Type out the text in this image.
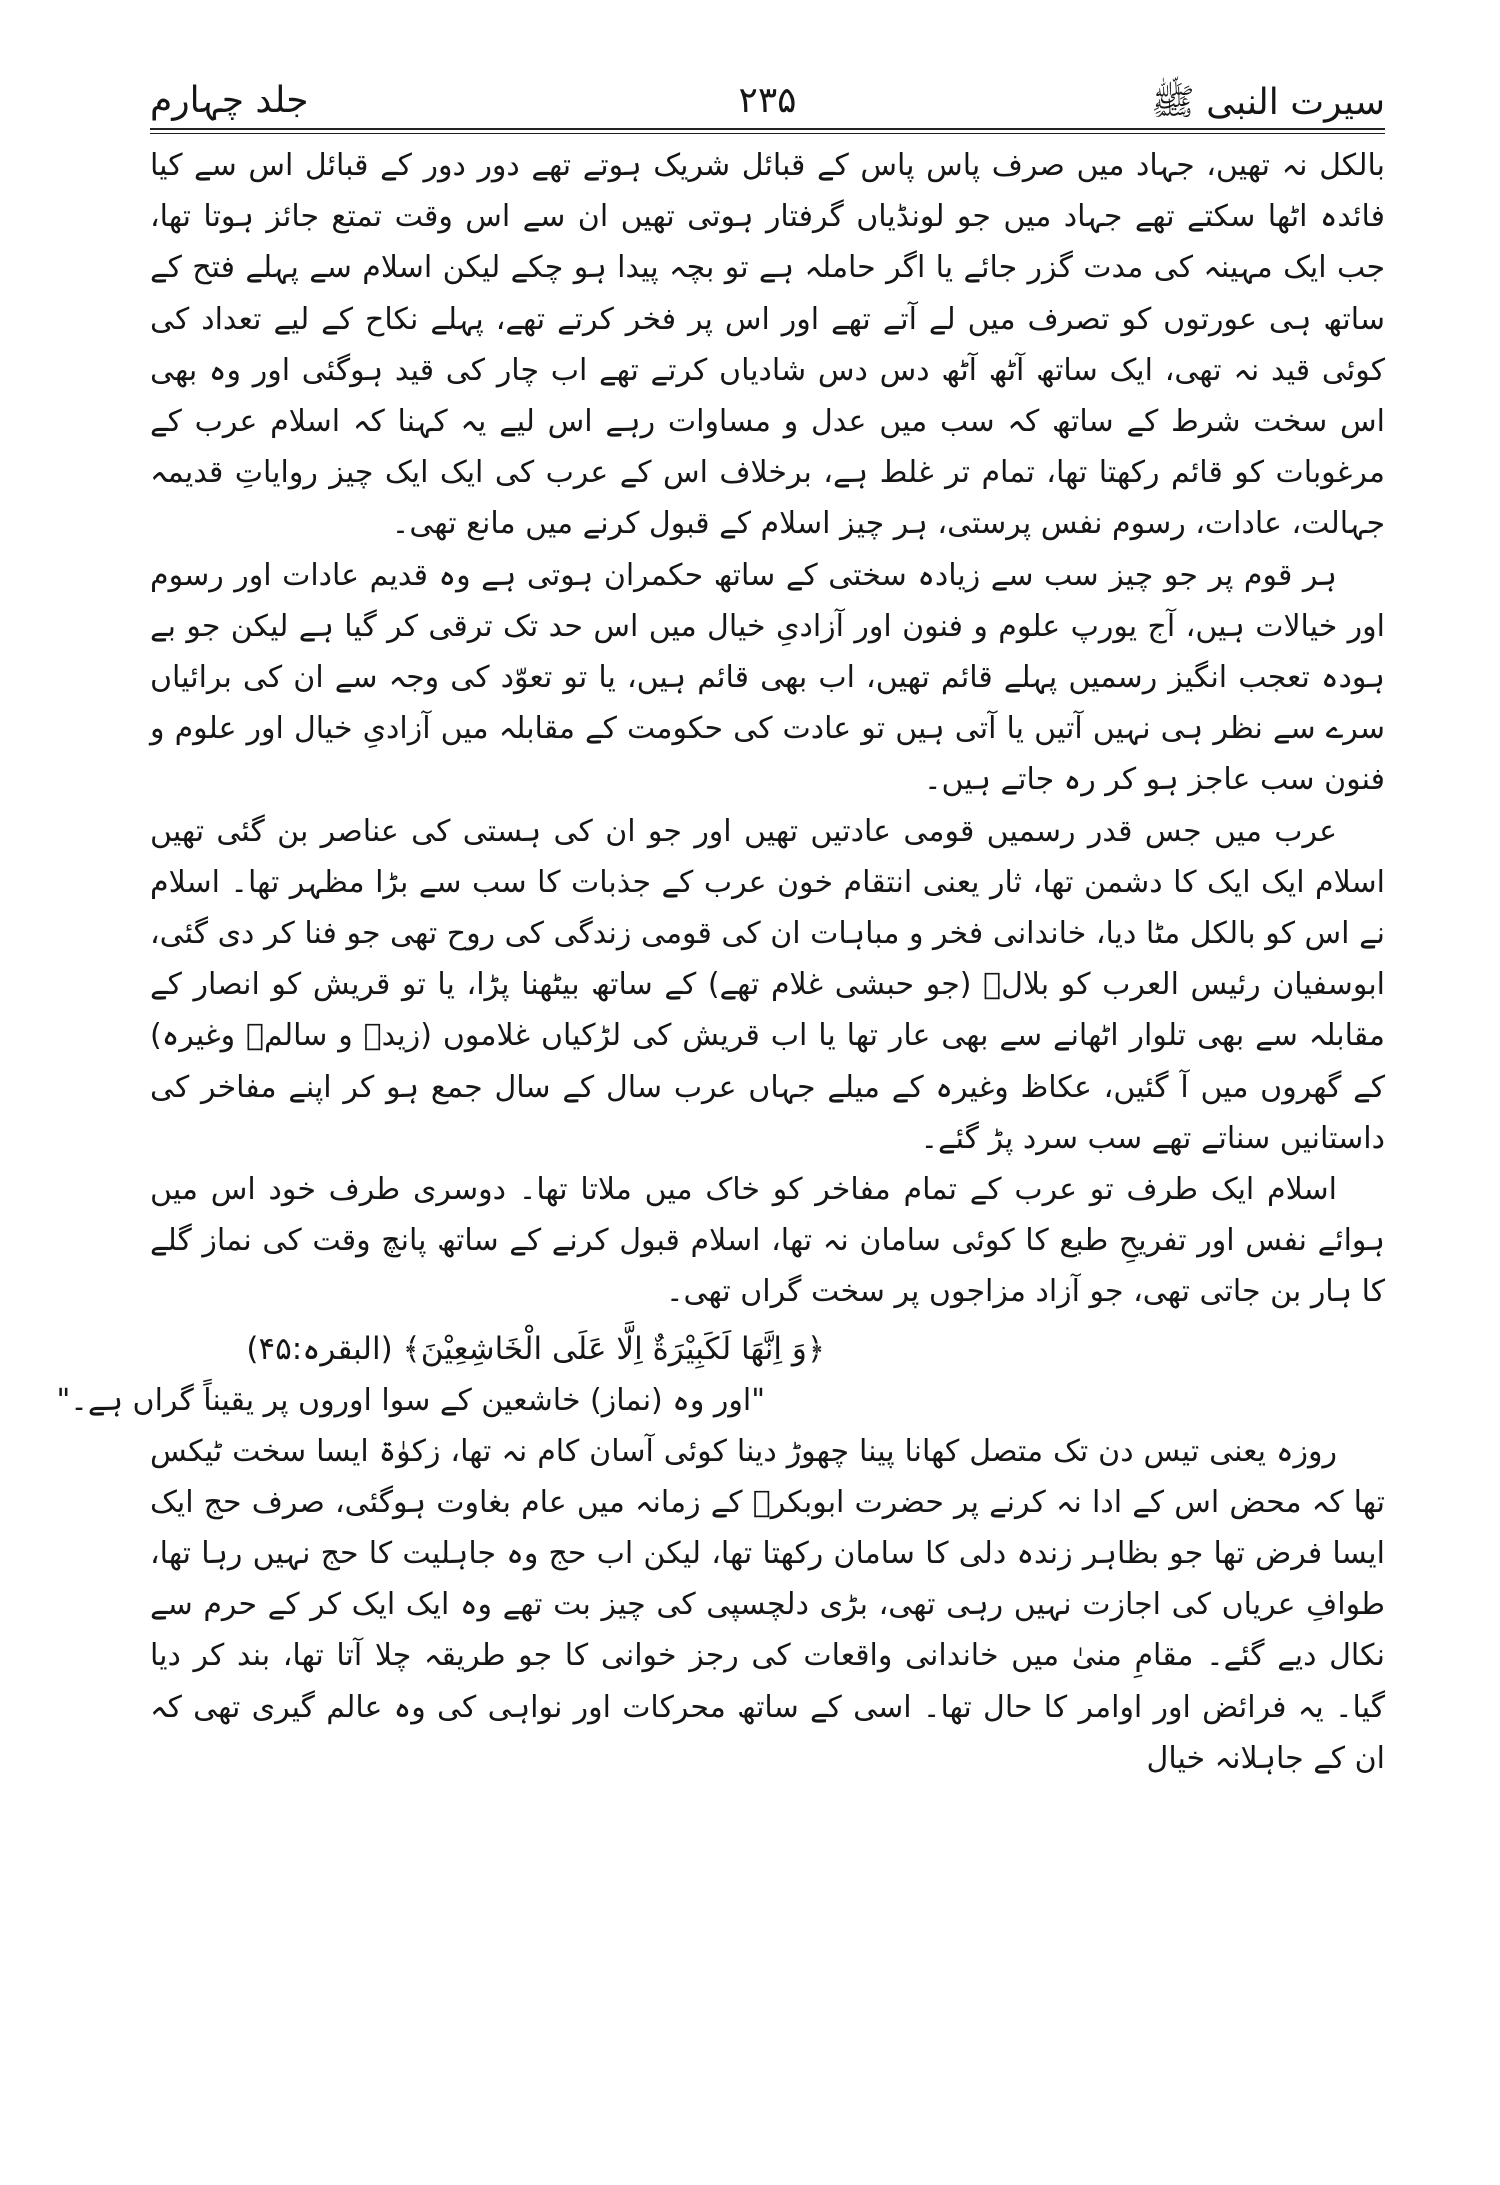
سیرت النبی ﷺ
۲۳۵
جلد چہارم

بالکل نہ تھیں، جہاد میں صرف پاس پاس کے قبائل شریک ہوتے تھے دور دور کے قبائل اس سے کیا فائدہ اٹھا سکتے تھے جہاد میں جو لونڈیاں گرفتار ہوتی تھیں ان سے اس وقت تمتع جائز ہوتا تھا، جب ایک مہینہ کی مدت گزر جائے یا اگر حاملہ ہے تو بچہ پیدا ہو چکے لیکن اسلام سے پہلے فتح کے ساتھ ہی عورتوں کو تصرف میں لے آتے تھے اور اس پر فخر کرتے تھے، پہلے نکاح کے لیے تعداد کی کوئی قید نہ تھی، ایک ساتھ آٹھ آٹھ دس دس شادیاں کرتے تھے اب چار کی قید ہوگئی اور وہ بھی اس سخت شرط کے ساتھ کہ سب میں عدل و مساوات رہے اس لیے یہ کہنا کہ اسلام عرب کے مرغوبات کو قائم رکھتا تھا، تمام تر غلط ہے، برخلاف اس کے عرب کی ایک ایک چیز روایاتِ قدیمہ جہالت، عادات، رسوم نفس پرستی، ہر چیز اسلام کے قبول کرنے میں مانع تھی۔

ہر قوم پر جو چیز سب سے زیادہ سختی کے ساتھ حکمران ہوتی ہے وہ قدیم عادات اور رسوم اور خیالات ہیں، آج یورپ علوم و فنون اور آزادیِ خیال میں اس حد تک ترقی کر گیا ہے لیکن جو بے ہودہ تعجب انگیز رسمیں پہلے قائم تھیں، اب بھی قائم ہیں، یا تو تعوّد کی وجہ سے ان کی برائیاں سرے سے نظر ہی نہیں آتیں یا آتی ہیں تو عادت کی حکومت کے مقابلہ میں آزادیِ خیال اور علوم و فنون سب عاجز ہو کر رہ جاتے ہیں۔

عرب میں جس قدر رسمیں قومی عادتیں تھیں اور جو ان کی ہستی کی عناصر بن گئی تھیں اسلام ایک ایک کا دشمن تھا، ثار یعنی انتقام خون عرب کے جذبات کا سب سے بڑا مظہر تھا۔ اسلام نے اس کو بالکل مٹا دیا، خاندانی فخر و مباہات ان کی قومی زندگی کی روح تھی جو فنا کر دی گئی، ابوسفیان رئیس العرب کو بلالؓ (جو حبشی غلام تھے) کے ساتھ بیٹھنا پڑا، یا تو قریش کو انصار کے مقابلہ سے بھی تلوار اٹھانے سے بھی عار تھا یا اب قریش کی لڑکیاں غلاموں (زیدؓ و سالمؓ وغیرہ) کے گھروں میں آ گئیں، عکاظ وغیرہ کے میلے جہاں عرب سال کے سال جمع ہو کر اپنے مفاخر کی داستانیں سناتے تھے سب سرد پڑ گئے۔

اسلام ایک طرف تو عرب کے تمام مفاخر کو خاک میں ملاتا تھا۔ دوسری طرف خود اس میں ہوائے نفس اور تفریحِ طبع کا کوئی سامان نہ تھا، اسلام قبول کرنے کے ساتھ پانچ وقت کی نماز گلے کا ہار بن جاتی تھی، جو آزاد مزاجوں پر سخت گراں تھی۔

﴿وَ اِنَّهَا لَكَبِيْرَةٌ اِلَّا عَلَى الْخَاشِعِيْنَ﴾ (البقرہ:۴۵)

"اور وہ (نماز) خاشعین کے سوا اوروں پر یقیناً گراں ہے۔"

روزہ یعنی تیس دن تک متصل کھانا پینا چھوڑ دینا کوئی آسان کام نہ تھا، زکوٰۃ ایسا سخت ٹیکس تھا کہ محض اس کے ادا نہ کرنے پر حضرت ابوبکرؓ کے زمانہ میں عام بغاوت ہوگئی، صرف حج ایک ایسا فرض تھا جو بظاہر زندہ دلی کا سامان رکھتا تھا، لیکن اب حج وہ جاہلیت کا حج نہیں رہا تھا، طوافِ عریاں کی اجازت نہیں رہی تھی، بڑی دلچسپی کی چیز بت تھے وہ ایک ایک کر کے حرم سے نکال دیے گئے۔ مقامِ منیٰ میں خاندانی واقعات کی رجز خوانی کا جو طریقہ چلا آتا تھا، بند کر دیا گیا۔ یہ فرائض اور اوامر کا حال تھا۔ اسی کے ساتھ محرکات اور نواہی کی وہ عالم گیری تھی کہ ان کے جاہلانہ خیال
